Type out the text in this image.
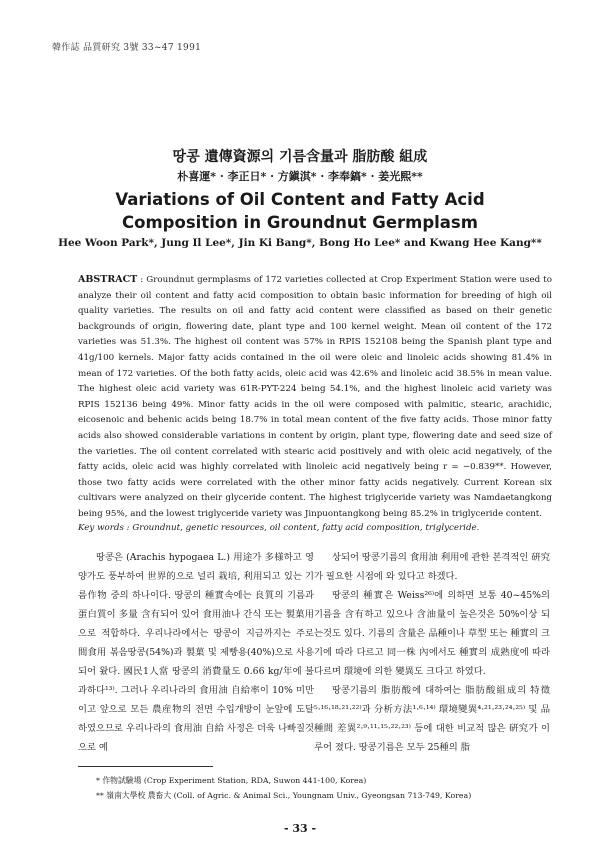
韓作誌 品質研究 3號 33~47 1991
땅콩 遺傳資源의 기름含量과 脂肪酸 組成
朴喜運* · 李正日* · 方鎭淇* · 李奉鎬* · 姜光熙**
Variations of Oil Content and Fatty Acid
Composition in Groundnut Germplasm
Hee Woon Park*, Jung Il Lee*, Jin Ki Bang*, Bong Ho Lee* and Kwang Hee Kang**

ABSTRACT : Groundnut germplasms of 172 varieties collected at Crop Experiment Station were used to analyze their oil content and fatty acid composition to obtain basic information for breeding of high oil quality varieties. The results on oil and fatty acid content were classified as based on their genetic backgrounds of origin, flowering date, plant type and 100 kernel weight. Mean oil content of the 172 varieties was 51.3%. The highest oil content was 57% in RPIS 152108 being the Spanish plant type and 41g/100 kernels. Major fatty acids contained in the oil were oleic and linoleic acids showing 81.4% in mean of 172 varieties. Of the both fatty acids, oleic acid was 42.6% and linoleic acid 38.5% in mean value. The highest oleic acid variety was 61R-PYT-224 being 54.1%, and the highest linoleic acid variety was RPIS 152136 being 49%. Minor fatty acids in the oil were composed with palmitic, stearic, arachidic, eicosenoic and behenic acids being 18.7% in total mean content of the five fatty acids. Those minor fatty acids also showed considerable variations in content by origin, plant type, flowering date and seed size of the varieties. The oil content correlated with stearic acid positively and with oleic acid negatively, of the fatty acids, oleic acid was highly correlated with linoleic acid negatively being r = −0.839**. However, those two fatty acids were correlated with the other minor fatty acids negatively. Current Korean six cultivars were analyzed on their glyceride content. The highest triglyceride variety was Namdaetangkong being 95%, and the lowest triglyceride variety was Jinpuontangkong being 85.2% in triglyceride content.

Key words : Groundnut, genetic resources, oil content, fatty acid composition, triglyceride.

땅콩은 (Arachis hypogaea L.) 用途가 多様하고 영양가도 풍부하여 世界的으로 널리 栽培, 利用되고 있는 기름作物 중의 하나이다. 땅콩의 種實속에는 良質의 기름과 蛋白質이 多量 含有되어 있어 食用油나 간식 또는 製菓用으로 적합하다. 우리나라에서는 땅콩이 지금까지는 주로 間食用 볶음땅콩(54%)과 製菓 및 제빵용(40%)으로 사용되어 왔다. 國民1人當 땅콩의 消費量도 0.66 kg/年에 불과하다¹³⁾. 그러나 우리나라의 食用油 自給率이 10% 미만이고 앞으로 모든 農産物의 전면 수입개방이 눈앞에 도달하였으므로 우리나라의 食用油 自給 사정은 더욱 나빠질것으로 예

상되어 땅콩기름의 食用油 利用에 관한 본격적인 硏究가 필요한 시점에 와 있다고 하겠다.
땅콩의 種實은 Weiss²⁶⁾에 의하면 보통 40~45%의 기름을 含有하고 있으나 含油量이 높은것은 50%이상 되는것도 있다. 기름의 含量은 品種이나 草型 또는 種實의 크기에 따라 다르고 同一株 內에서도 種實의 成熟度에 따라 다르며 環境에 의한 變異도 크다고 하였다.
땅콩기름의 脂肪酸에 대하여는 脂肪酸組成의 特徵⁵·¹⁶·¹⁸·²¹·²²⁾과 分析方法¹·⁶·¹⁴⁾ 環境變異⁴·²¹·²³·²⁴·²⁵⁾ 및 品種間 差異²·⁹·¹¹·¹⁵·²²·²³⁾ 등에 대한 비교적 많은 硏究가 이루어 졌다. 땅콩기름은 모두 25種의 脂
* 作物試驗場 (Crop Experiment Station, RDA, Suwon 441-100, Korea)
** 嶺南大學校 農畜大 (Coll. of Agric. & Animal Sci., Youngnam Univ., Gyeongsan 713-749, Korea)
- 33 -
